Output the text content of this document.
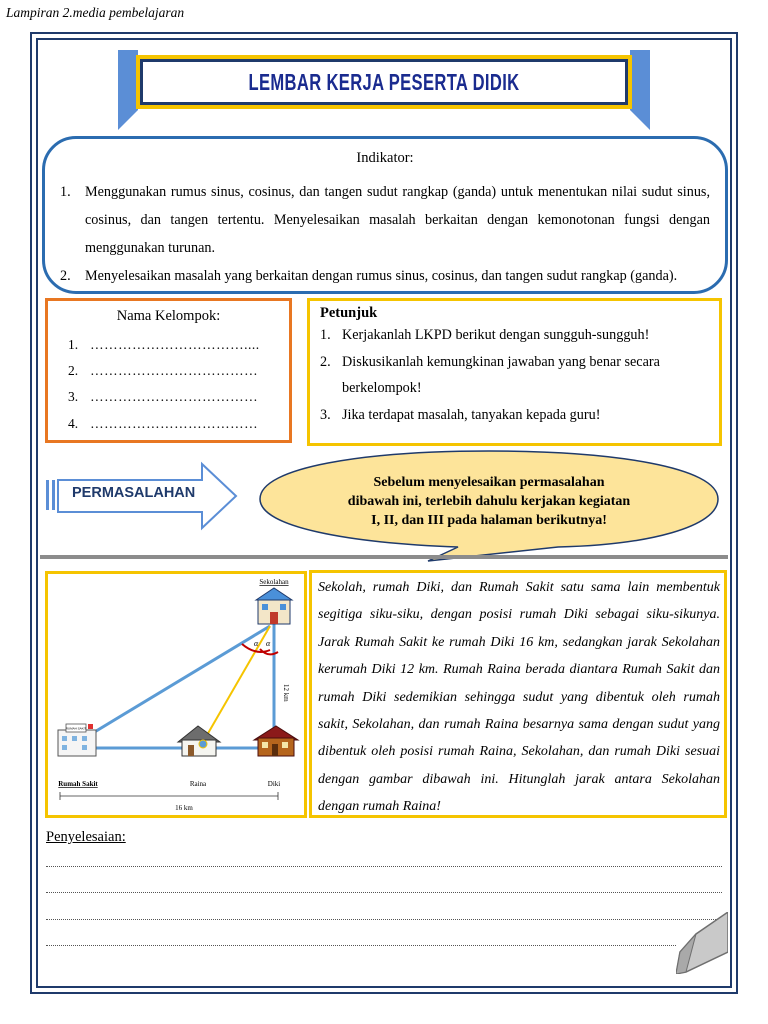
Lampiran 2.media pembelajaran
LEMBAR KERJA PESERTA DIDIK
Indikator:
1. Menggunakan rumus sinus, cosinus, dan tangen sudut rangkap (ganda) untuk menentukan nilai sudut sinus, cosinus, dan tangen tertentu. Menyelesaikan masalah berkaitan dengan kemonotonan fungsi dengan menggunakan turunan.
2. Menyelesaikan masalah yang berkaitan dengan rumus sinus, cosinus, dan tangen sudut rangkap (ganda).
Nama Kelompok:
1. ……………………………....
2. ………………………………
3. ………………………………
4. ………………………………
Petunjuk
1. Kerjakanlah LKPD berikut dengan sungguh-sungguh!
2. Diskusikanlah kemungkinan jawaban yang benar secara berkelompok!
3. Jika terdapat masalah, tanyakan kepada guru!
PERMASALAHAN
Sebelum menyelesaikan permasalahan
dibawah ini, terlebih dahulu kerjakan kegiatan
I, II, dan III pada halaman berikutnya!
α α
Sekolahan
12 km
RUMAH SAKIT
Rumah Sakit	Raina	Diki
16 km
Sekolah, rumah Diki, dan Rumah Sakit satu sama lain membentuk segitiga siku-siku, dengan posisi rumah Diki sebagai siku-sikunya. Jarak Rumah Sakit ke rumah Diki 16 km, sedangkan jarak Sekolahan kerumah Diki 12 km. Rumah Raina berada diantara Rumah Sakit dan rumah Diki sedemikian sehingga sudut yang dibentuk oleh rumah sakit, Sekolahan, dan rumah Raina besarnya sama dengan sudut yang dibentuk oleh posisi rumah Raina, Sekolahan, dan rumah Diki sesuai dengan gambar dibawah ini. Hitunglah jarak antara Sekolahan dengan rumah Raina!
Penyelesaian:
